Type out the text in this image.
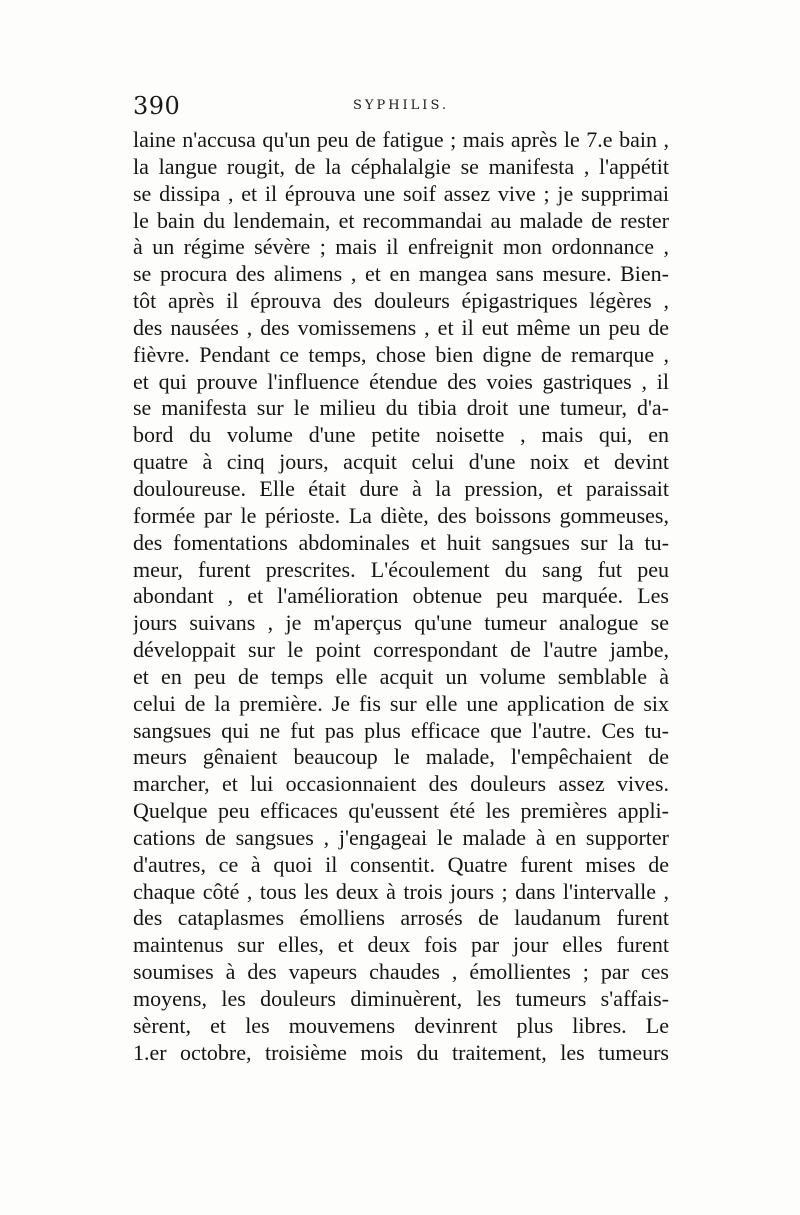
390	SYPHILIS.
laine n'accusa qu'un peu de fatigue ; mais après le 7.e bain ,
la langue rougit, de la céphalalgie se manifesta , l'appétit
se dissipa , et il éprouva une soif assez vive ; je supprimai
le bain du lendemain, et recommandai au malade de rester
à un régime sévère ; mais il enfreignit mon ordonnance ,
se procura des alimens , et en mangea sans mesure. Bien-
tôt après il éprouva des douleurs épigastriques légères ,
des nausées , des vomissemens , et il eut même un peu de
fièvre. Pendant ce temps, chose bien digne de remarque ,
et qui prouve l'influence étendue des voies gastriques , il
se manifesta sur le milieu du tibia droit une tumeur, d'a-
bord du volume d'une petite noisette , mais qui, en
quatre à cinq jours, acquit celui d'une noix et devint
douloureuse. Elle était dure à la pression, et paraissait
formée par le périoste. La diète, des boissons gommeuses,
des fomentations abdominales et huit sangsues sur la tu-
meur, furent prescrites. L'écoulement du sang fut peu
abondant , et l'amélioration obtenue peu marquée. Les
jours suivans , je m'aperçus qu'une tumeur analogue se
développait sur le point correspondant de l'autre jambe,
et en peu de temps elle acquit un volume semblable à
celui de la première. Je fis sur elle une application de six
sangsues qui ne fut pas plus efficace que l'autre. Ces tu-
meurs gênaient beaucoup le malade, l'empêchaient de
marcher, et lui occasionnaient des douleurs assez vives.
Quelque peu efficaces qu'eussent été les premières appli-
cations de sangsues , j'engageai le malade à en supporter
d'autres, ce à quoi il consentit. Quatre furent mises de
chaque côté , tous les deux à trois jours ; dans l'intervalle ,
des cataplasmes émolliens arrosés de laudanum furent
maintenus sur elles, et deux fois par jour elles furent
soumises à des vapeurs chaudes , émollientes ; par ces
moyens, les douleurs diminuèrent, les tumeurs s'affais-
sèrent, et les mouvemens devinrent plus libres. Le
1.er octobre, troisième mois du traitement, les tumeurs
